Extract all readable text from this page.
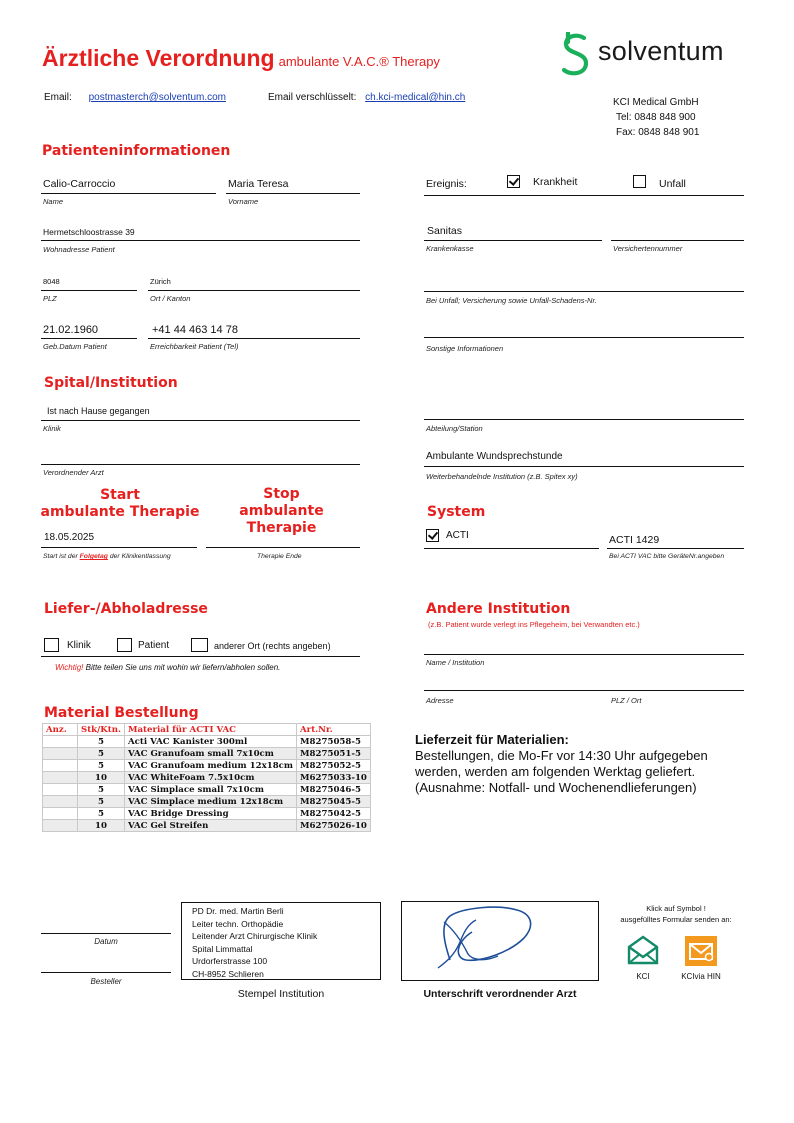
Ärztliche Verordnung ambulante V.A.C.® Therapy	solventum
Email: postmasterch@solventum.com	Email verschlüsselt: ch.kci-medical@hin.ch	KCI Medical GmbH
Tel: 0848 848 900
Fax: 0848 848 901
Patienteninformationen
Calio-Carroccio
Name
Maria Teresa
Vorname
Hermetschloostrasse 39
Wohnadresse Patient
8048
PLZ
Zürich
Ort / Kanton
21.02.1960
Geb.Datum Patient
+41 44 463 14 78
Erreichbarkeit Patient (Tel)
Ereignis:	Krankheit	Unfall
Sanitas
Krankenkasse	Versichertennummer
Bei Unfall; Versicherung sowie Unfall-Schadens-Nr.
Sonstige Informationen
Spital/Institution
Ist nach Hause gegangen
Klinik
Verordnender Arzt
Abteilung/Station
Ambulante Wundsprechstunde
Weiterbehandelnde Institution (z.B. Spitex xy)
Start
ambulante Therapie
Stop
ambulante Therapie
18.05.2025
Start ist der Folgetag der Klinikentlassung	Therapie Ende
System
ACTI	ACTI 1429
Bei ACTI VAC bitte GeräteNr.angeben
Liefer-/Abholadresse
Klinik	Patient	anderer Ort (rechts angeben)
Wichtig! Bitte teilen Sie uns mit wohin wir liefern/abholen sollen.
Andere Institution
(z.B. Patient wurde verlegt ins Pflegeheim, bei Verwandten etc.)
Name / Institution
Adresse	PLZ / Ort
Material Bestellung
Anz.	Stk/Ktn.	Material für ACTI VAC	Art.Nr.
	5	Acti VAC Kanister 300ml	M8275058-5
	5	VAC Granufoam small 7x10cm	M8275051-5
	5	VAC Granufoam medium 12x18cm	M8275052-5
	10	VAC WhiteFoam 7.5x10cm	M6275033-10
	5	VAC Simplace small 7x10cm	M8275046-5
	5	VAC Simplace medium 12x18cm	M8275045-5
	5	VAC Bridge Dressing	M8275042-5
	10	VAC Gel Streifen	M6275026-10
Lieferzeit für Materialien:
Bestellungen, die Mo-Fr vor 14:30 Uhr aufgegeben
werden, werden am folgenden Werktag geliefert.
(Ausnahme: Notfall- und Wochenendlieferungen)
Datum
Besteller
PD Dr. med. Martin Berli
Leiter techn. Orthopädie
Leitender Arzt Chirurgische Klinik
Spital Limmattal
Urdorferstrasse 100
CH-8952 Schlieren
Stempel Institution	Unterschrift verordnender Arzt
Klick auf Symbol !
ausgefülltes Formular senden an:
KCI	KCIvia HIN
